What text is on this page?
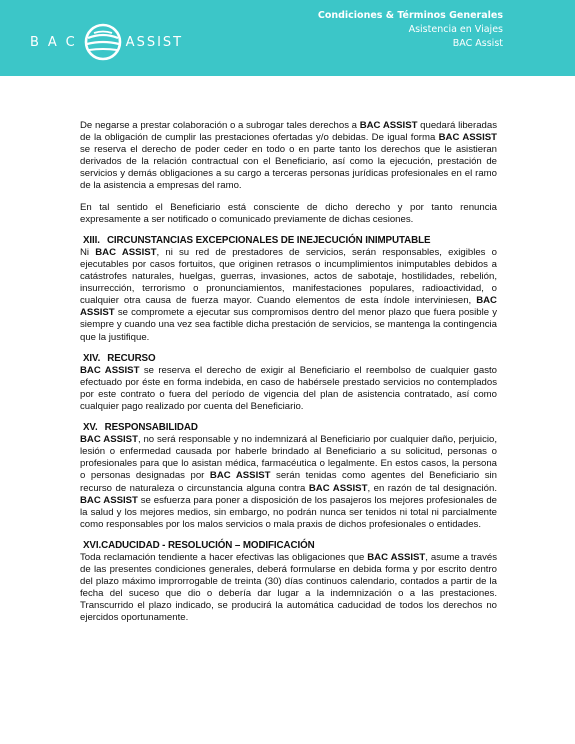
BAC	ASSIST
Condiciones & Términos Generales
Asistencia en Viajes
BAC Assist

De negarse a prestar colaboración o a subrogar tales derechos a BAC ASSIST quedará liberadas de la obligación de cumplir las prestaciones ofertadas y/o debidas. De igual forma BAC ASSIST se reserva el derecho de poder ceder en todo o en parte tanto los derechos que le asistieran derivados de la relación contractual con el Beneficiario, así como la ejecución, prestación de servicios y demás obligaciones a su cargo a terceras personas jurídicas profesionales en el ramo de la asistencia a empresas del ramo.

En tal sentido el Beneficiario está consciente de dicho derecho y por tanto renuncia expresamente a ser notificado o comunicado previamente de dichas cesiones.

XIII. CIRCUNSTANCIAS EXCEPCIONALES DE INEJECUCIÓN INIMPUTABLE

Ni BAC ASSIST, ni su red de prestadores de servicios, serán responsables, exigibles o ejecutables por casos fortuitos, que originen retrasos o incumplimientos inimputables debidos a catástrofes naturales, huelgas, guerras, invasiones, actos de sabotaje, hostilidades, rebelión, insurrección, terrorismo o pronunciamientos, manifestaciones populares, radioactividad, o cualquier otra causa de fuerza mayor. Cuando elementos de esta índole interviniesen, BAC ASSIST se compromete a ejecutar sus compromisos dentro del menor plazo que fuera posible y siempre y cuando una vez sea factible dicha prestación de servicios, se mantenga la contingencia que la justifique.

XIV. RECURSO

BAC ASSIST se reserva el derecho de exigir al Beneficiario el reembolso de cualquier gasto efectuado por éste en forma indebida, en caso de habérsele prestado servicios no contemplados por este contrato o fuera del período de vigencia del plan de asistencia contratado, así como cualquier pago realizado por cuenta del Beneficiario.

XV. RESPONSABILIDAD

BAC ASSIST, no será responsable y no indemnizará al Beneficiario por cualquier daño, perjuicio, lesión o enfermedad causada por haberle brindado al Beneficiario a su solicitud, personas o profesionales para que lo asistan médica, farmacéutica o legalmente. En estos casos, la persona o personas designadas por BAC ASSIST serán tenidas como agentes del Beneficiario sin recurso de naturaleza o circunstancia alguna contra BAC ASSIST, en razón de tal designación. BAC ASSIST se esfuerza para poner a disposición de los pasajeros los mejores profesionales de la salud y los mejores medios, sin embargo, no podrán nunca ser tenidos ni total ni parcialmente como responsables por los malos servicios o mala praxis de dichos profesionales o entidades.

XVI. CADUCIDAD - RESOLUCIÓN – MODIFICACIÓN

Toda reclamación tendiente a hacer efectivas las obligaciones que BAC ASSIST, asume a través de las presentes condiciones generales, deberá formularse en debida forma y por escrito dentro del plazo máximo improrrogable de treinta (30) días continuos calendario, contados a partir de la fecha del suceso que dio o debería dar lugar a la indemnización o a las prestaciones. Transcurrido el plazo indicado, se producirá la automática caducidad de todos los derechos no ejercidos oportunamente.
